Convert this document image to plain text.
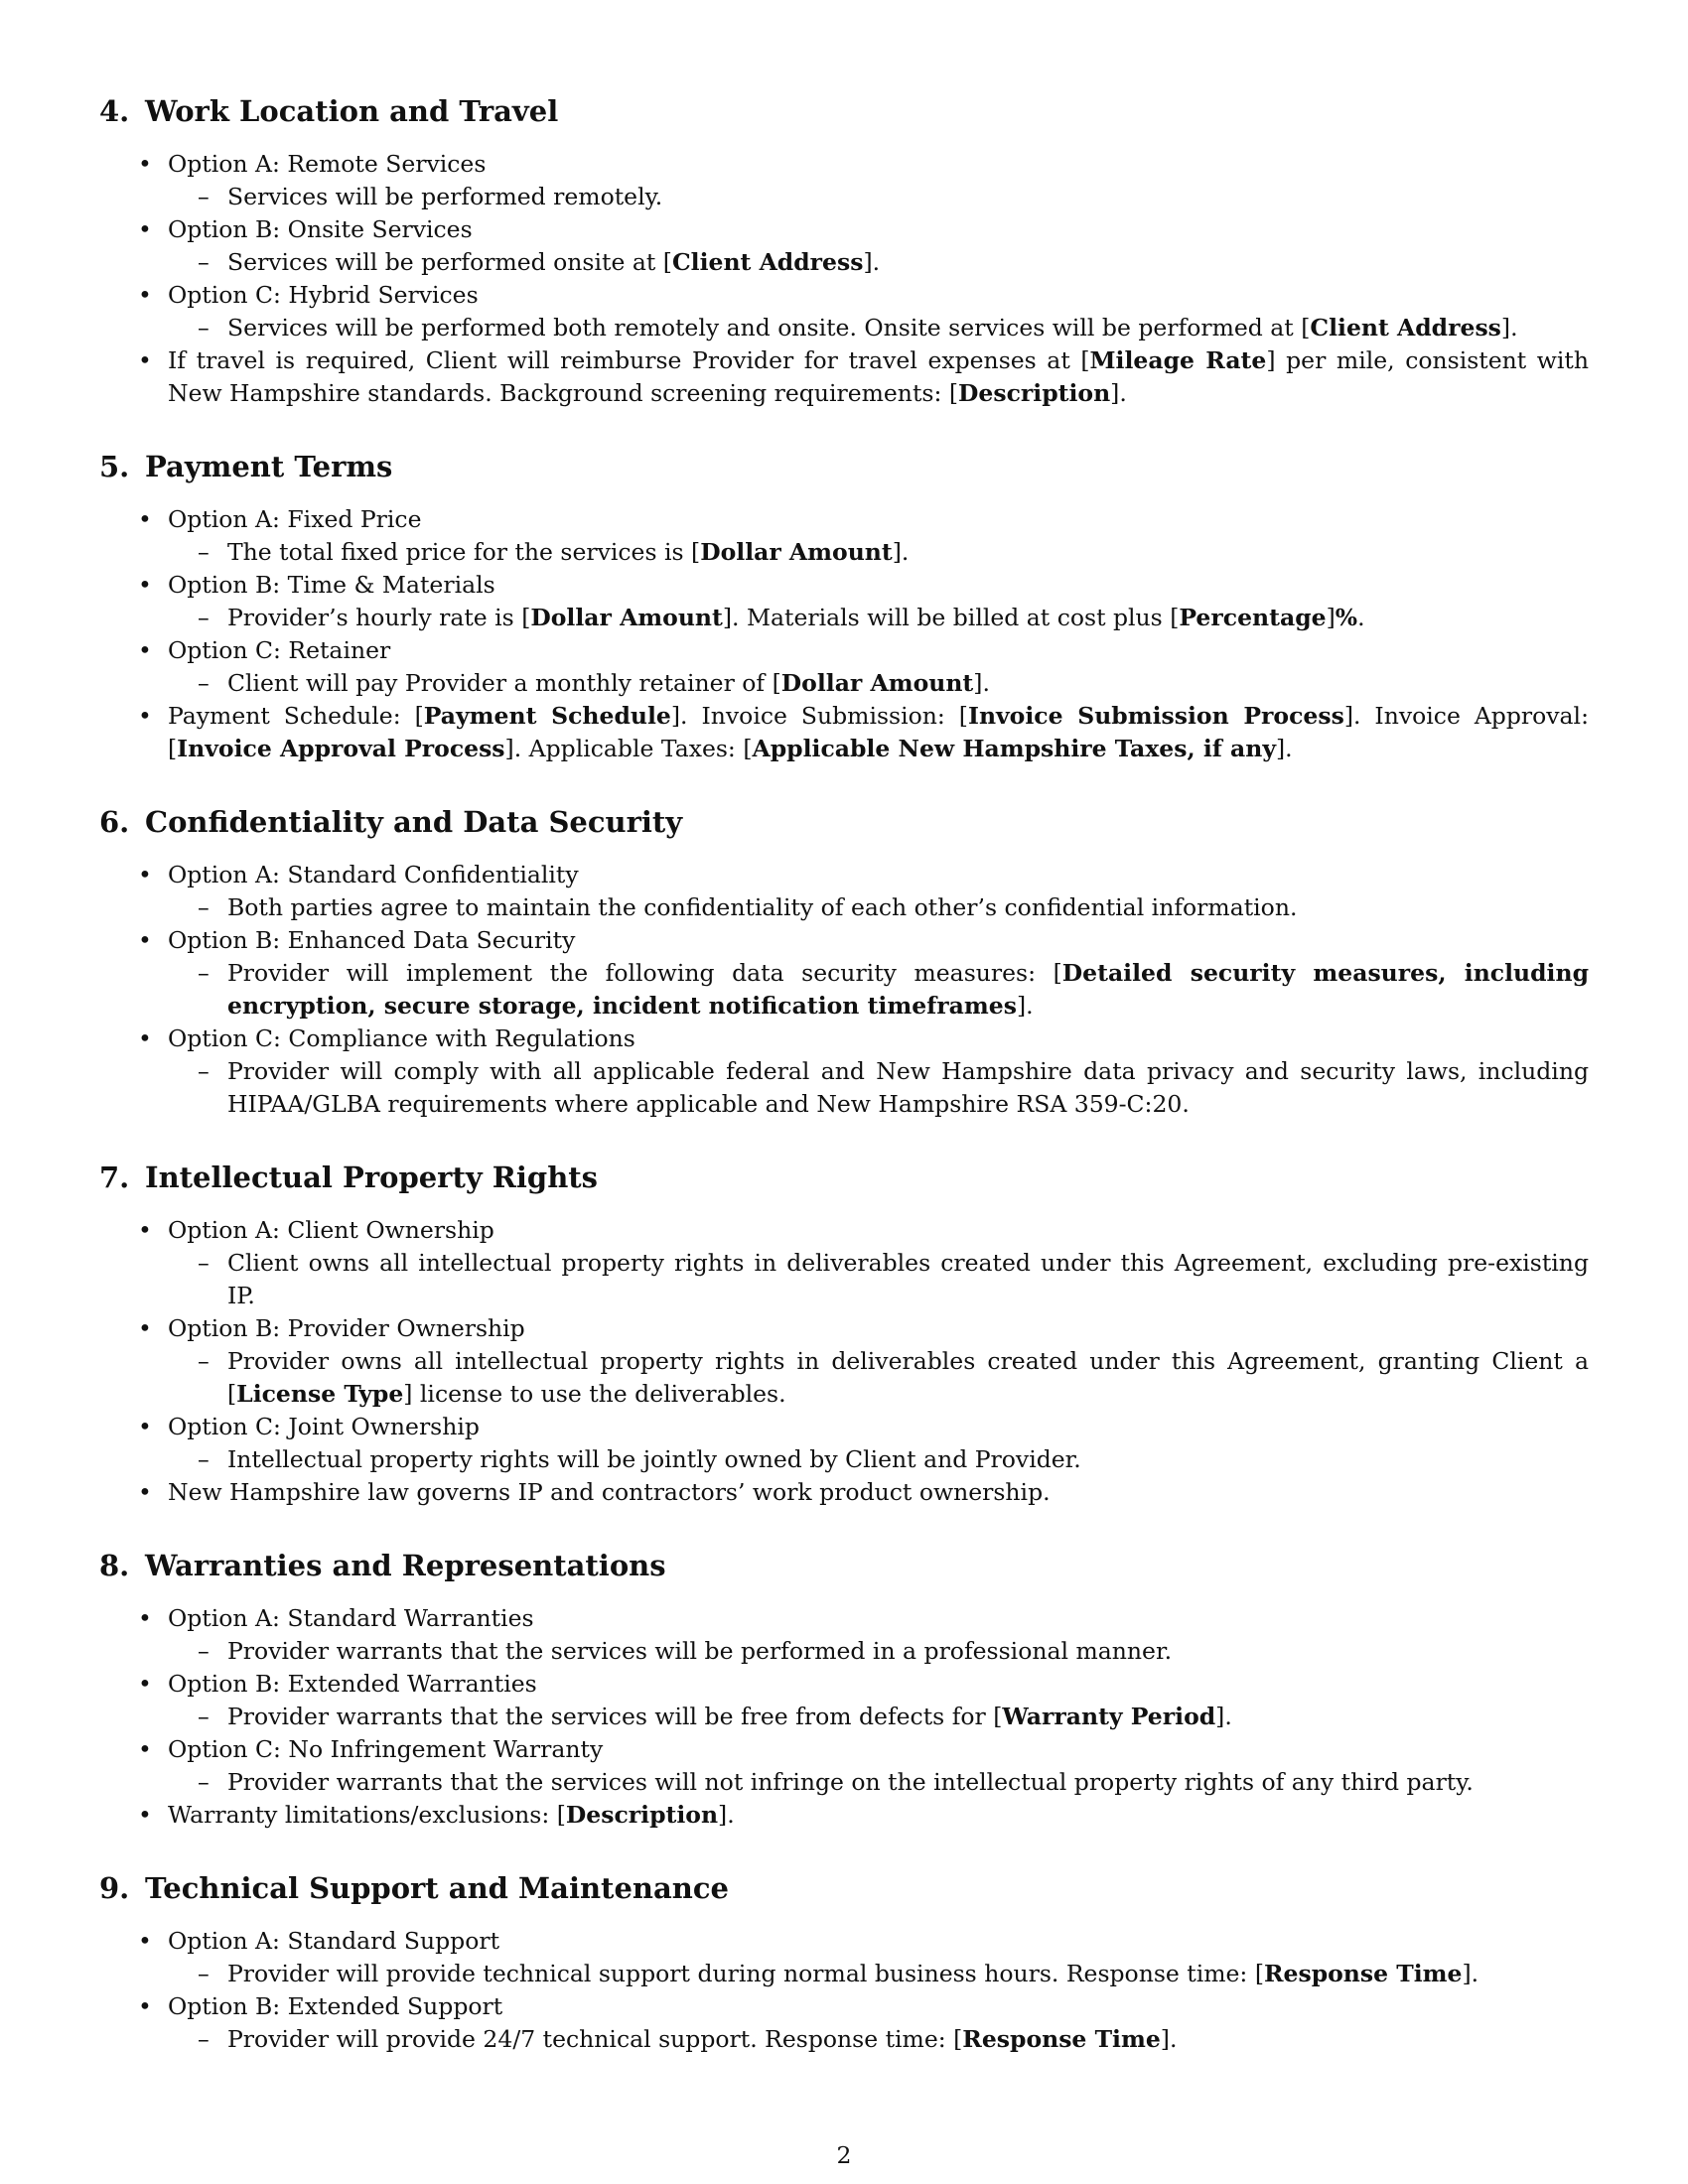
4. Work Location and Travel
• Option A: Remote Services
– Services will be performed remotely.
• Option B: Onsite Services
– Services will be performed onsite at [Client Address].
• Option C: Hybrid Services
– Services will be performed both remotely and onsite. Onsite services will be performed at [Client Address].
• If travel is required, Client will reimburse Provider for travel expenses at [Mileage Rate] per mile, consistent with New Hampshire standards. Background screening requirements: [Description].
5. Payment Terms
• Option A: Fixed Price
– The total fixed price for the services is [Dollar Amount].
• Option B: Time & Materials
– Provider’s hourly rate is [Dollar Amount]. Materials will be billed at cost plus [Percentage]%.
• Option C: Retainer
– Client will pay Provider a monthly retainer of [Dollar Amount].
• Payment Schedule: [Payment Schedule]. Invoice Submission: [Invoice Submission Process]. Invoice Approval: [Invoice Approval Process]. Applicable Taxes: [Applicable New Hampshire Taxes, if any].
6. Confidentiality and Data Security
• Option A: Standard Confidentiality
– Both parties agree to maintain the confidentiality of each other’s confidential information.
• Option B: Enhanced Data Security
– Provider will implement the following data security measures: [Detailed security measures, including encryption, secure storage, incident notification timeframes].
• Option C: Compliance with Regulations
– Provider will comply with all applicable federal and New Hampshire data privacy and security laws, including HIPAA/GLBA requirements where applicable and New Hampshire RSA 359-C:20.
7. Intellectual Property Rights
• Option A: Client Ownership
– Client owns all intellectual property rights in deliverables created under this Agreement, excluding pre-existing IP.
• Option B: Provider Ownership
– Provider owns all intellectual property rights in deliverables created under this Agreement, granting Client a [License Type] license to use the deliverables.
• Option C: Joint Ownership
– Intellectual property rights will be jointly owned by Client and Provider.
• New Hampshire law governs IP and contractors’ work product ownership.
8. Warranties and Representations
• Option A: Standard Warranties
– Provider warrants that the services will be performed in a professional manner.
• Option B: Extended Warranties
– Provider warrants that the services will be free from defects for [Warranty Period].
• Option C: No Infringement Warranty
– Provider warrants that the services will not infringe on the intellectual property rights of any third party.
• Warranty limitations/exclusions: [Description].
9. Technical Support and Maintenance
• Option A: Standard Support
– Provider will provide technical support during normal business hours. Response time: [Response Time].
• Option B: Extended Support
– Provider will provide 24/7 technical support. Response time: [Response Time].
2
